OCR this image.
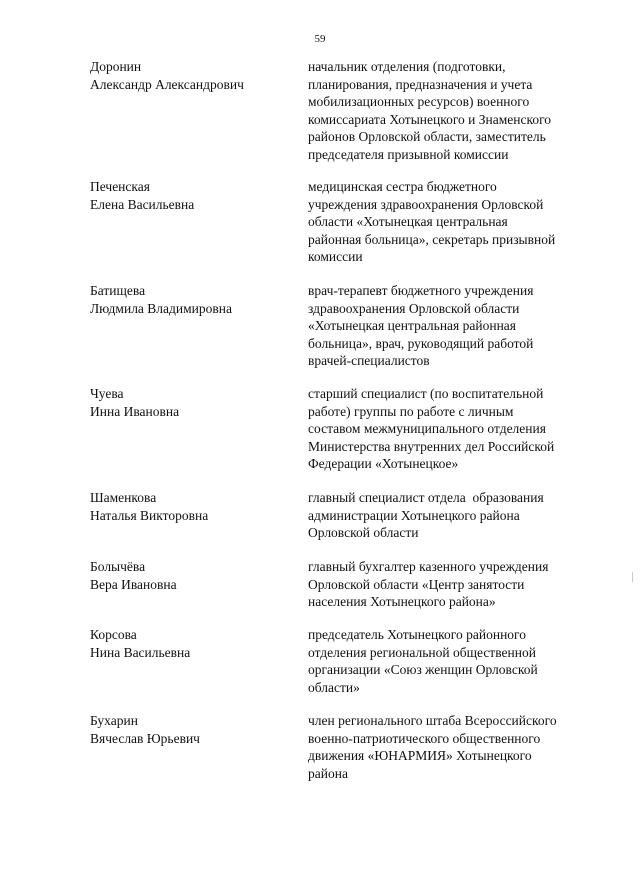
59
Доронин
Александр Александрович
начальник отделения (подготовки,
планирования, предназначения и учета
мобилизационных ресурсов) военного
комиссариата Хотынецкого и Знаменского
районов Орловской области, заместитель
председателя призывной комиссии
Печенская
Елена Васильевна
медицинская сестра бюджетного
учреждения здравоохранения Орловской
области «Хотынецкая центральная
районная больница», секретарь призывной
комиссии
Батищева
Людмила Владимировна
врач-терапевт бюджетного учреждения
здравоохранения Орловской области
«Хотынецкая центральная районная
больница», врач, руководящий работой
врачей-специалистов
Чуева
Инна Ивановна
старший специалист (по воспитательной
работе) группы по работе с личным
составом межмуниципального отделения
Министерства внутренних дел Российской
Федерации «Хотынецкое»
Шаменкова
Наталья Викторовна
главный специалист отдела  образования
администрации Хотынецкого района
Орловской области
Болычёва
Вера Ивановна
главный бухгалтер казенного учреждения
Орловской области «Центр занятости
населения Хотынецкого района»
Корсова
Нина Васильевна
председатель Хотынецкого районного
отделения региональной общественной
организации «Союз женщин Орловской
области»
Бухарин
Вячеслав Юрьевич
член регионального штаба Всероссийского
военно-патриотического общественного
движения «ЮНАРМИЯ» Хотынецкого
района
